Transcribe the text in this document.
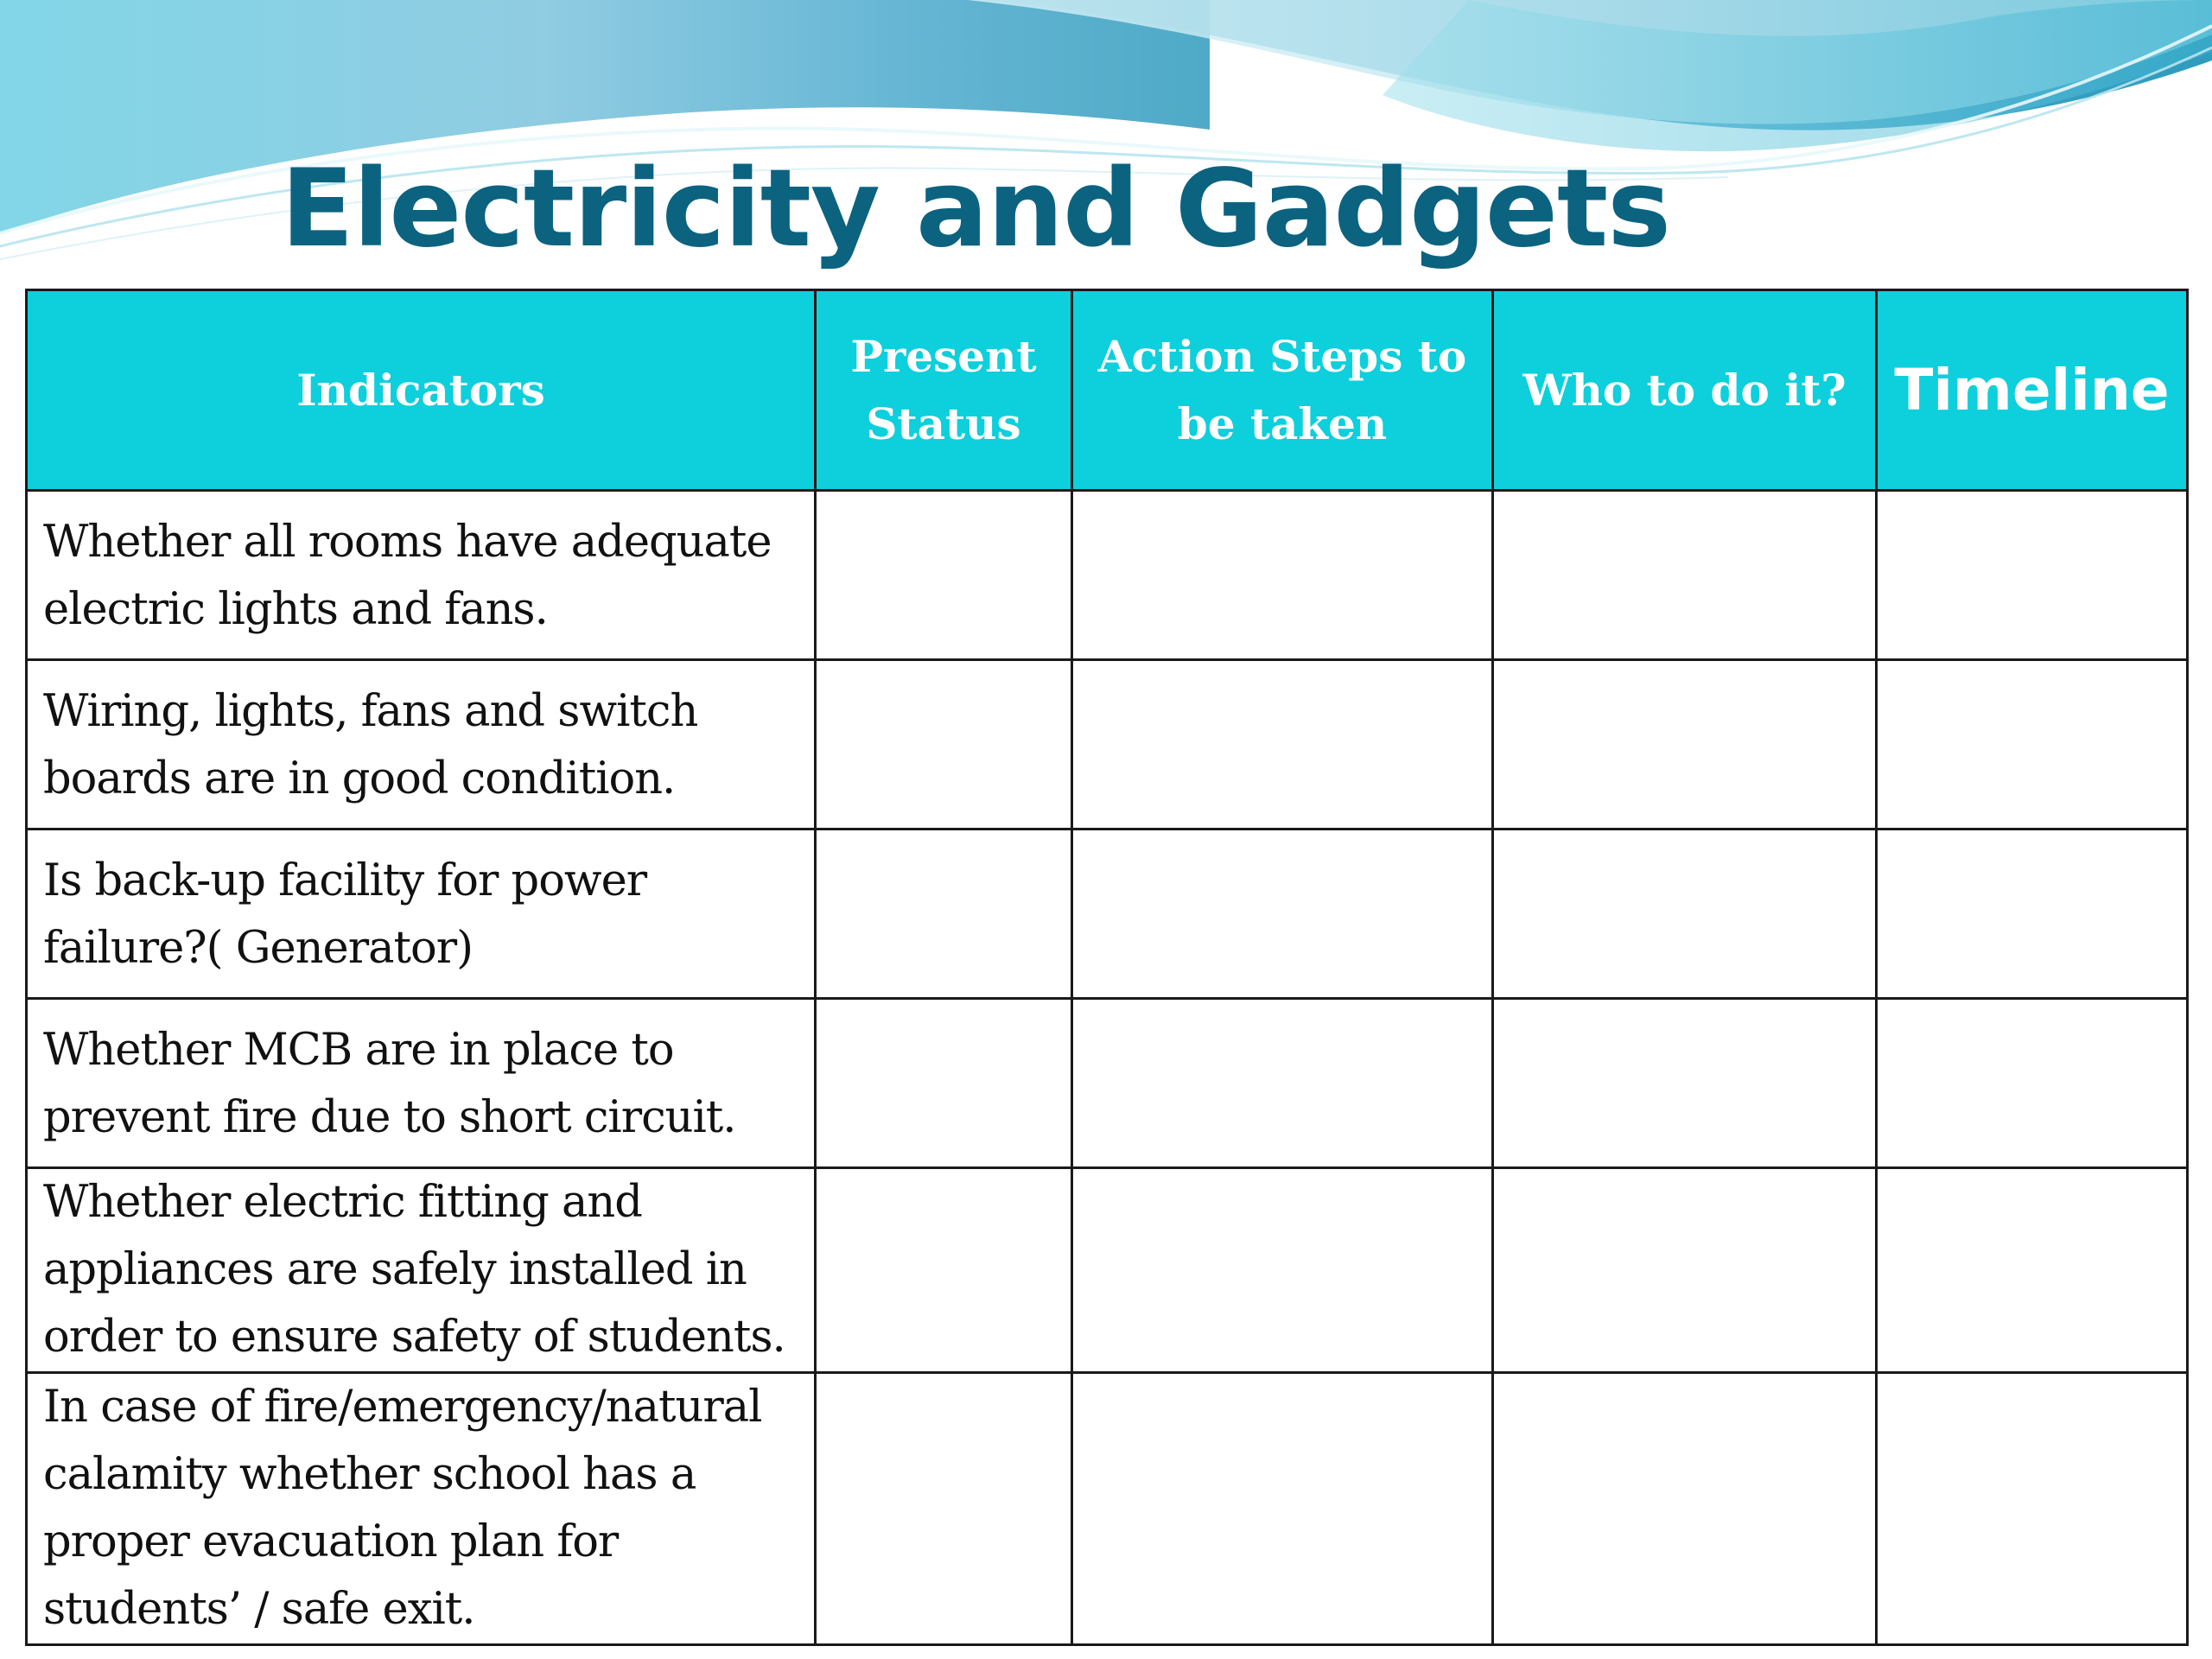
Electricity and Gadgets
Indicators	Present Status	Action Steps to be taken	Who to do it?	Timeline
Whether all rooms have adequate electric lights and fans.				
Wiring, lights, fans and switch boards are in good condition.				
Is back-up facility for power failure?( Generator)				
Whether MCB are in place to prevent fire due to short circuit.				
Whether electric fitting and appliances are safely installed in order to ensure safety of students.				
In case of fire/emergency/natural calamity whether school has a proper evacuation plan for students’ / safe exit.				
